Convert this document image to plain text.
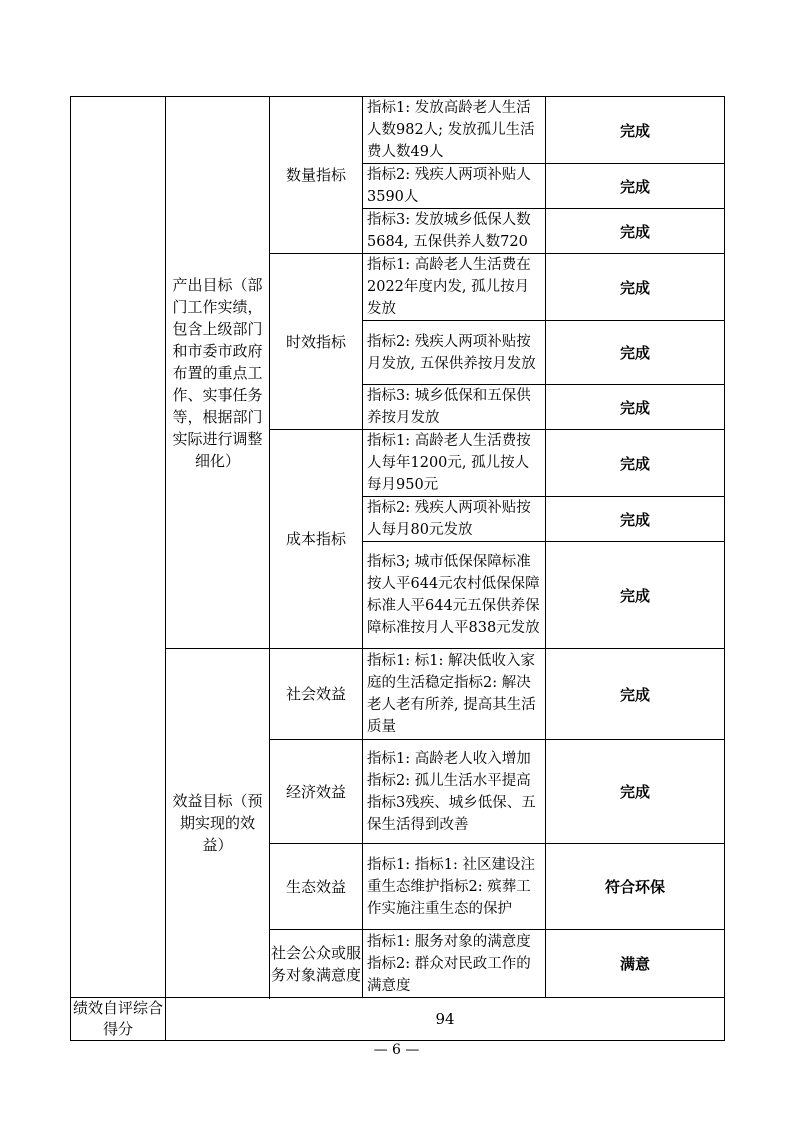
	产出目标（部门工作实绩，包含上级部门和市委市政府布置的重点工作、实事任务等，根据部门实际进行调整细化）	数量指标	指标1: 发放高龄老人生活人数982人; 发放孤儿生活费人数49人	完成
			指标2: 残疾人两项补贴人3590人	完成
			指标3: 发放城乡低保人数5684, 五保供养人数720	完成
		时效指标	指标1: 高龄老人生活费在2022年度内发, 孤儿按月发放	完成
			指标2: 残疾人两项补贴按月发放, 五保供养按月发放	完成
			指标3: 城乡低保和五保供养按月发放	完成
		成本指标	指标1: 高龄老人生活费按人每年1200元, 孤儿按人每月950元	完成
			指标2: 残疾人两项补贴按人每月80元发放	完成
			指标3; 城市低保保障标准按人平644元农村低保保障标准人平644元五保供养保障标准按月人平838元发放	完成

	效益目标（预期实现的效益）	社会效益	指标1: 标1: 解决低收入家庭的生活稳定指标2: 解决老人老有所养, 提高其生活质量	完成
		经济效益	指标1: 高龄老人收入增加指标2: 孤儿生活水平提高指标3残疾、城乡低保、五保生活得到改善	完成
		生态效益	指标1: 指标1: 社区建设注重生态维护指标2: 殡葬工作实施注重生态的保护	符合环保
		社会公众或服务对象满意度	指标1: 服务对象的满意度指标2: 群众对民政工作的满意度	满意

绩效自评综合得分	94			
— 6 —
